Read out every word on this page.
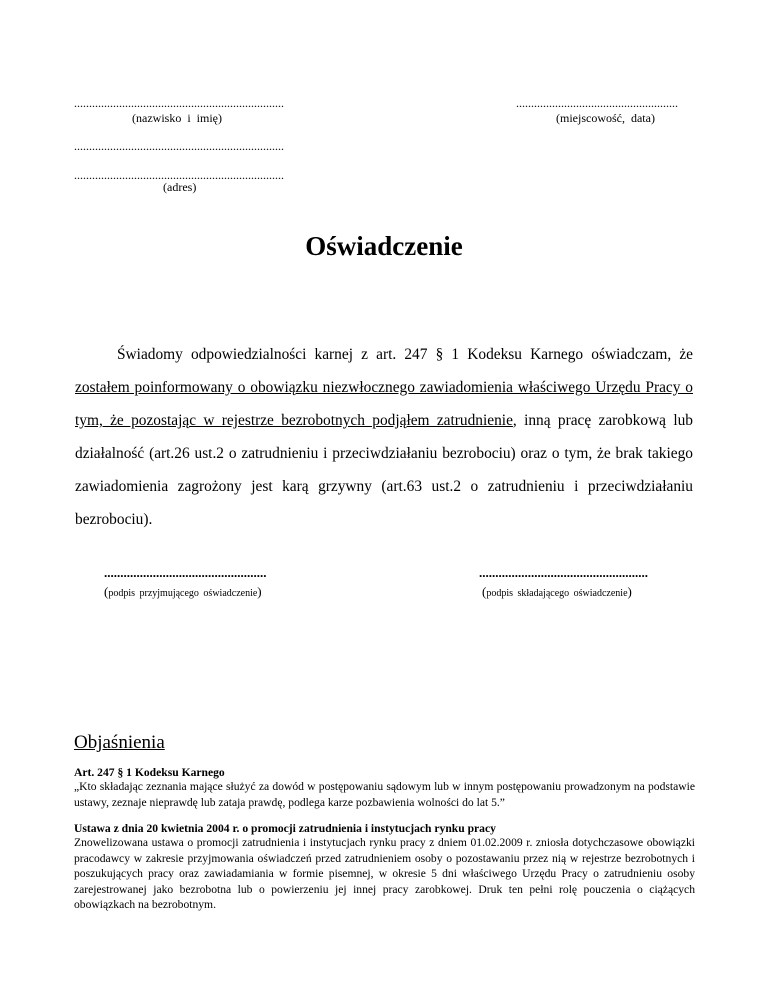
......................................................................
(nazwisko i imię)
......................................................
(miejscowość, data)
......................................................................
......................................................................
(adres)
Oświadczenie

Świadomy odpowiedzialności karnej z art. 247 § 1 Kodeksu Karnego oświadczam, że zostałem poinformowany o obowiązku niezwłocznego zawiadomienia właściwego Urzędu Pracy o tym, że pozostając w rejestrze bezrobotnych podjąłem zatrudnienie, inną pracę zarobkową lub działalność (art.26 ust.2 o zatrudnieniu i przeciwdziałaniu bezrobociu) oraz o tym, że brak takiego zawiadomienia zagrożony jest karą grzywny (art.63 ust.2 o zatrudnieniu i przeciwdziałaniu bezrobociu).

..................................................
(podpis przyjmującego oświadczenie)
....................................................
(podpis składającego oświadczenie)
Objaśnienia
Art. 247 § 1 Kodeksu Karnego
„Kto składając zeznania mające służyć za dowód w postępowaniu sądowym lub w innym postępowaniu prowadzonym na podstawie ustawy, zeznaje nieprawdę lub zataja prawdę, podlega karze pozbawienia wolności do lat 5.”
Ustawa z dnia 20 kwietnia 2004 r. o promocji zatrudnienia i instytucjach rynku pracy
Znowelizowana ustawa o promocji zatrudnienia i instytucjach rynku pracy z dniem 01.02.2009 r. zniosła dotychczasowe obowiązki pracodawcy w zakresie przyjmowania oświadczeń przed zatrudnieniem osoby o pozostawaniu przez nią w rejestrze bezrobotnych i poszukujących pracy oraz zawiadamiania w formie pisemnej, w okresie 5 dni właściwego Urzędu Pracy o zatrudnieniu osoby zarejestrowanej jako bezrobotna lub o powierzeniu jej innej pracy zarobkowej. Druk ten pełni rolę pouczenia o ciążących obowiązkach na bezrobotnym.
